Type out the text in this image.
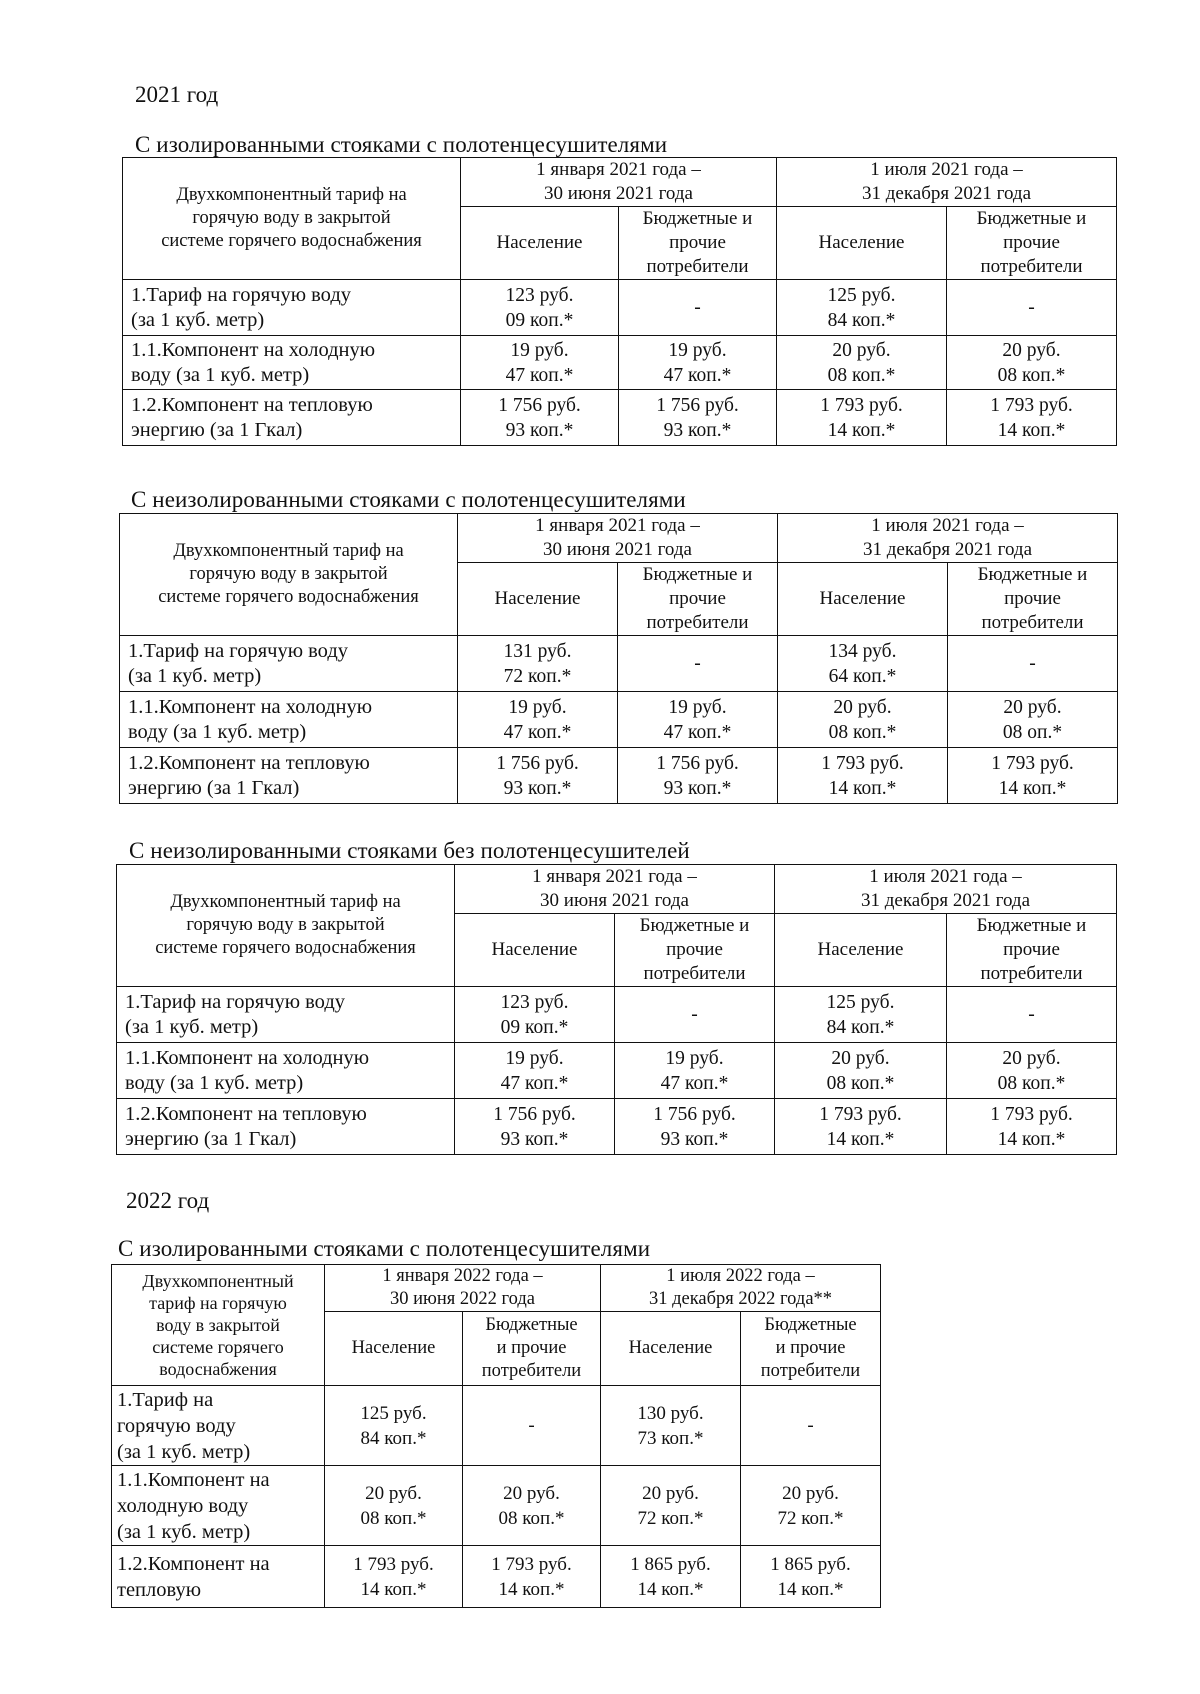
2021 год
С изолированными стояками с полотенцесушителями
Двухкомпонентный тариф на
горячую воду в закрытой
системе горячего водоснабжения	1 января 2021 года –
30 июня 2021 года		1 июля 2021 года –
31 декабря 2021 года	

	Население	Бюджетные и
прочие
потребители	Население	Бюджетные и
прочие
потребители

1.Тариф на горячую воду
(за 1 куб. метр)	123 руб.
09 коп.*	-	125 руб.
84 коп.*	-

1.1.Компонент на холодную
воду (за 1 куб. метр)	19 руб.
47 коп.*	19 руб.
47 коп.*	20 руб.
08 коп.*	20 руб.
08 коп.*

1.2.Компонент на тепловую
энергию (за 1 Гкал)	1 756 руб.
93 коп.*	1 756 руб.
93 коп.*	1 793 руб.
14 коп.*	1 793 руб.
14 коп.*
С неизолированными стояками с полотенцесушителями
Двухкомпонентный тариф на
горячую воду в закрытой
системе горячего водоснабжения	1 января 2021 года –
30 июня 2021 года		1 июля 2021 года –
31 декабря 2021 года	

	Население	Бюджетные и
прочие
потребители	Население	Бюджетные и
прочие
потребители

1.Тариф на горячую воду
(за 1 куб. метр)	131 руб.
72 коп.*	-	134 руб.
64 коп.*	-

1.1.Компонент на холодную
воду (за 1 куб. метр)	19 руб.
47 коп.*	19 руб.
47 коп.*	20 руб.
08 коп.*	20 руб.
08 оп.*

1.2.Компонент на тепловую
энергию (за 1 Гкал)	1 756 руб.
93 коп.*	1 756 руб.
93 коп.*	1 793 руб.
14 коп.*	1 793 руб.
14 коп.*
С неизолированными стояками без полотенцесушителей
Двухкомпонентный тариф на
горячую воду в закрытой
системе горячего водоснабжения	1 января 2021 года –
30 июня 2021 года		1 июля 2021 года –
31 декабря 2021 года	

	Население	Бюджетные и
прочие
потребители	Население	Бюджетные и
прочие
потребители

1.Тариф на горячую воду
(за 1 куб. метр)	123 руб.
09 коп.*	-	125 руб.
84 коп.*	-

1.1.Компонент на холодную
воду (за 1 куб. метр)	19 руб.
47 коп.*	19 руб.
47 коп.*	20 руб.
08 коп.*	20 руб.
08 коп.*

1.2.Компонент на тепловую
энергию (за 1 Гкал)	1 756 руб.
93 коп.*	1 756 руб.
93 коп.*	1 793 руб.
14 коп.*	1 793 руб.
14 коп.*
2022 год
С изолированными стояками с полотенцесушителями
Двухкомпонентный
тариф на горячую
воду в закрытой
системе горячего
водоснабжения	1 января 2022 года –
30 июня 2022 года		1 июля 2022 года –
31 декабря 2022 года**	

	Население	Бюджетные
и прочие
потребители	Население	Бюджетные
и прочие
потребители

1.Тариф на
горячую воду
(за 1 куб. метр)	125 руб.
84 коп.*	-	130 руб.
73 коп.*	-

1.1.Компонент на
холодную воду
(за 1 куб. метр)	20 руб.
08 коп.*	20 руб.
08 коп.*	20 руб.
72 коп.*	20 руб.
72 коп.*

1.2.Компонент на
тепловую	1 793 руб.
14 коп.*	1 793 руб.
14 коп.*	1 865 руб.
14 коп.*	1 865 руб.
14 коп.*
